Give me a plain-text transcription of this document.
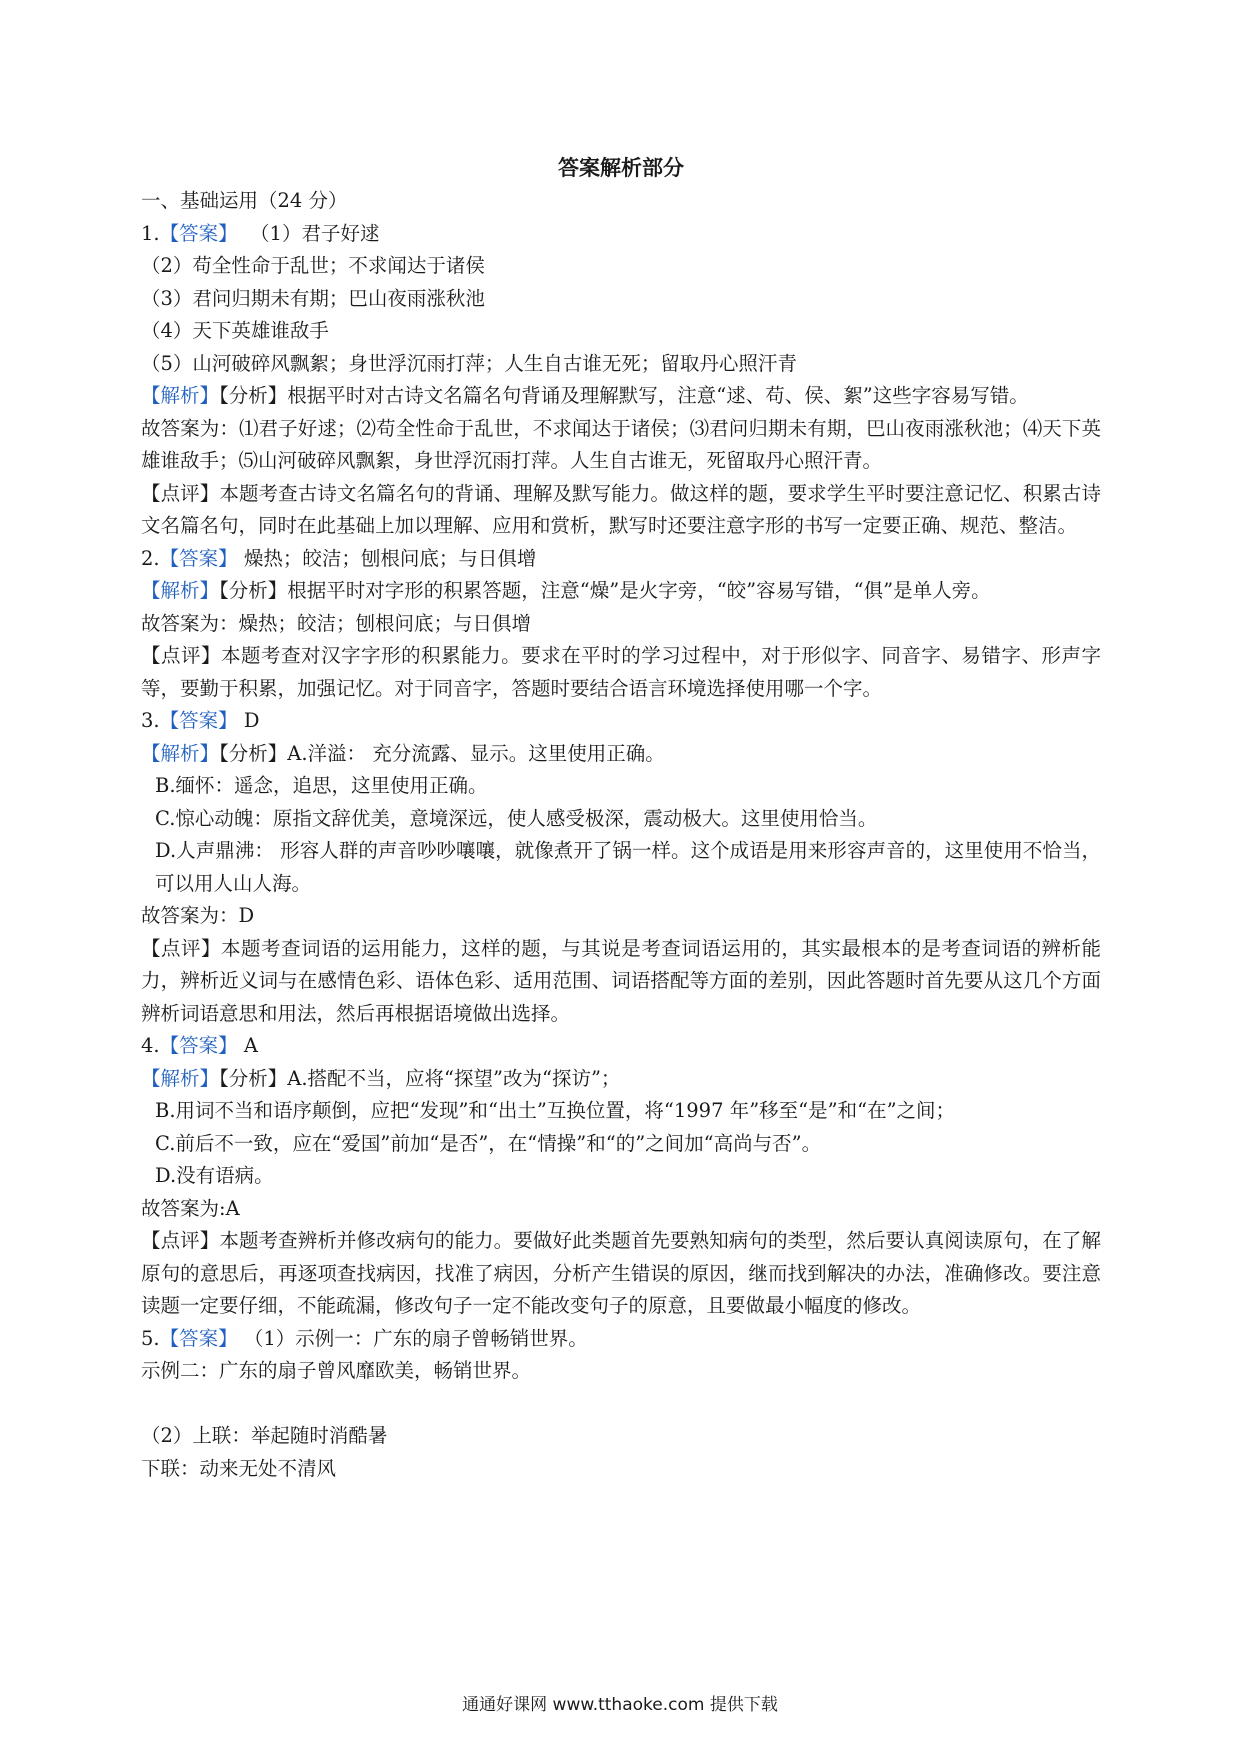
答案解析部分

一、基础运用（24 分）

1.【答案】 （1）君子好逑

（2）苟全性命于乱世；不求闻达于诸侯

（3）君问归期未有期；巴山夜雨涨秋池

（4）天下英雄谁敌手

（5）山河破碎风飘絮；身世浮沉雨打萍；人生自古谁无死；留取丹心照汗青

【解析】【分析】根据平时对古诗文名篇名句背诵及理解默写，注意“逑、苟、侯、絮”这些字容易写错。

故答案为：⑴君子好逑；⑵苟全性命于乱世，不求闻达于诸侯；⑶君问归期未有期，巴山夜雨涨秋池；⑷天下英雄谁敌手；⑸山河破碎风飘絮，身世浮沉雨打萍。人生自古谁无，死留取丹心照汗青。

【点评】本题考查古诗文名篇名句的背诵、理解及默写能力。做这样的题，要求学生平时要注意记忆、积累古诗文名篇名句，同时在此基础上加以理解、应用和赏析，默写时还要注意字形的书写一定要正确、规范、整洁。

2.【答案】 燥热；皎洁；刨根问底；与日俱增

【解析】【分析】根据平时对字形的积累答题，注意“燥”是火字旁，“皎”容易写错，“俱”是单人旁。

故答案为：燥热；皎洁；刨根问底；与日俱增

【点评】本题考查对汉字字形的积累能力。要求在平时的学习过程中，对于形似字、同音字、易错字、形声字等，要勤于积累，加强记忆。对于同音字，答题时要结合语言环境选择使用哪一个字。

3.【答案】 D

【解析】【分析】A.洋溢： 充分流露、显示。这里使用正确。

B.缅怀：遥念，追思，这里使用正确。

C.惊心动魄：原指文辞优美，意境深远，使人感受极深，震动极大。这里使用恰当。

D.人声鼎沸： 形容人群的声音吵吵嚷嚷，就像煮开了锅一样。这个成语是用来形容声音的，这里使用不恰当，可以用人山人海。

故答案为：D

【点评】本题考查词语的运用能力，这样的题，与其说是考查词语运用的，其实最根本的是考查词语的辨析能力，辨析近义词与在感情色彩、语体色彩、适用范围、词语搭配等方面的差别，因此答题时首先要从这几个方面辨析词语意思和用法，然后再根据语境做出选择。

4.【答案】 A

【解析】【分析】A.搭配不当，应将“探望”改为“探访”；

B.用词不当和语序颠倒，应把“发现”和“出土”互换位置，将“1997 年”移至“是”和“在”之间；

C.前后不一致，应在“爱国”前加“是否”，在“情操”和“的”之间加“高尚与否”。

D.没有语病。

故答案为:A

【点评】本题考查辨析并修改病句的能力。要做好此类题首先要熟知病句的类型，然后要认真阅读原句，在了解原句的意思后，再逐项查找病因，找准了病因，分析产生错误的原因，继而找到解决的办法，准确修改。要注意读题一定要仔细，不能疏漏，修改句子一定不能改变句子的原意，且要做最小幅度的修改。

5.【答案】 （1）示例一：广东的扇子曾畅销世界。

示例二：广东的扇子曾风靡欧美，畅销世界。

（2）上联：举起随时消酷暑

下联：动来无处不清风

通通好课网 www.tthaoke.com 提供下载
